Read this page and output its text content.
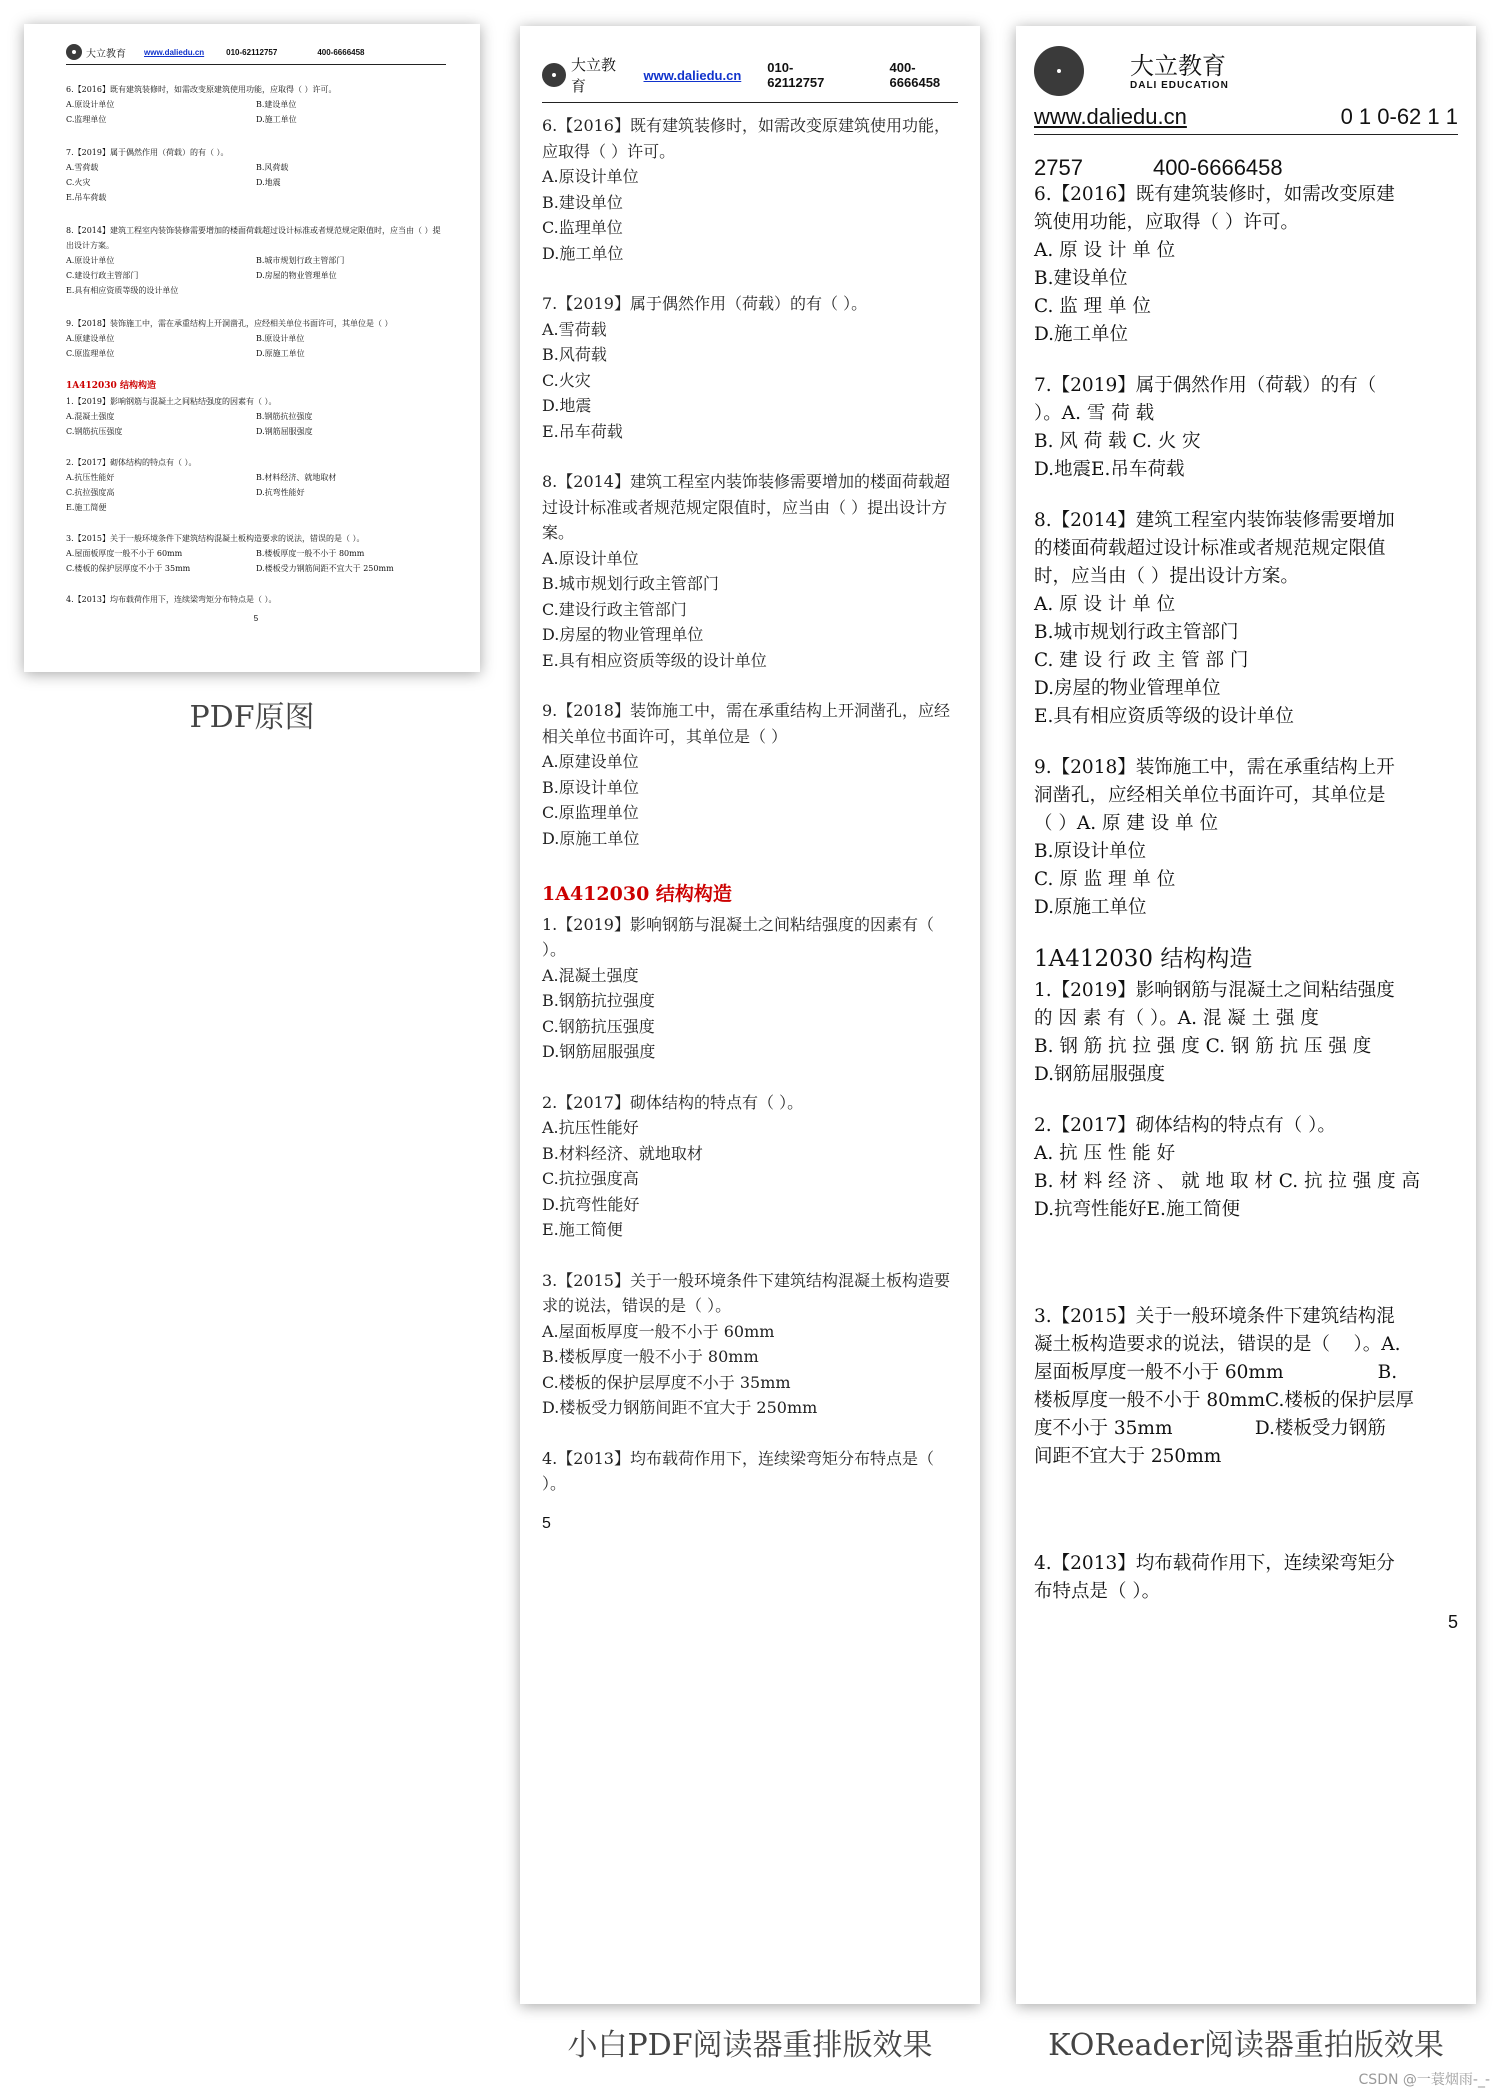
大立教育 www.daliedu.cn	010-62112757	400-6666458
6.【2016】既有建筑装修时，如需改变原建筑使用功能，应取得（ ）许可。
A.原设计单位	B.建设单位
C.监理单位	D.施工单位
7.【2019】属于偶然作用（荷载）的有（ ）。
A.雪荷载	B.风荷载
C.火灾	D.地震
E.吊车荷载
8.【2014】建筑工程室内装饰装修需要增加的楼面荷载超过设计标准或者规范规定限值时，应当由（ ）提出设计方案。
A.原设计单位	B.城市规划行政主管部门
C.建设行政主管部门	D.房屋的物业管理单位
E.具有相应资质等级的设计单位
9.【2018】装饰施工中，需在承重结构上开洞凿孔，应经相关单位书面许可，其单位是（ ）
A.原建设单位	B.原设计单位
C.原监理单位	D.原施工单位
1A412030 结构构造
1.【2019】影响钢筋与混凝土之间粘结强度的因素有（ ）。
A.混凝土强度	B.钢筋抗拉强度
C.钢筋抗压强度	D.钢筋屈服强度
2.【2017】砌体结构的特点有（ ）。
A.抗压性能好	B.材料经济、就地取材
C.抗拉强度高	D.抗弯性能好
E.施工简便
3.【2015】关于一般环境条件下建筑结构混凝土板构造要求的说法，错误的是（ ）。
A.屋面板厚度一般不小于 60mm	B.楼板厚度一般不小于 80mm
C.楼板的保护层厚度不小于 35mm	D.楼板受力钢筋间距不宜大于 250mm
4.【2013】均布载荷作用下，连续梁弯矩分布特点是（ ）。
5
PDF原图
大立教育
www.daliedu.cn 010-62112757
400-6666458

6.【2016】既有建筑装修时，如需改变原建筑使用功能，应取得（ ）许可。

A.原设计单位

B.建设单位

C.监理单位

D.施工单位

7.【2019】属于偶然作用（荷载）的有（ ）。

A.雪荷载

B.风荷载

C.火灾

D.地震

E.吊车荷载

8.【2014】建筑工程室内装饰装修需要增加的楼面荷载超过设计标准或者规范规定限值时，应当由（ ）提出设计方案。

A.原设计单位

B.城市规划行政主管部门

C.建设行政主管部门

D.房屋的物业管理单位

E.具有相应资质等级的设计单位

9.【2018】装饰施工中，需在承重结构上开洞凿孔，应经相关单位书面许可，其单位是（ ）

A.原建设单位

B.原设计单位

C.原监理单位

D.原施工单位

1A412030 结构构造

1.【2019】影响钢筋与混凝土之间粘结强度的因素有（ ）。

A.混凝土强度

B.钢筋抗拉强度

C.钢筋抗压强度

D.钢筋屈服强度

2.【2017】砌体结构的特点有（ ）。

A.抗压性能好

B.材料经济、就地取材

C.抗拉强度高

D.抗弯性能好

E.施工简便

3.【2015】关于一般环境条件下建筑结构混凝土板构造要求的说法，错误的是（ ）。

A.屋面板厚度一般不小于 60mm

B.楼板厚度一般不小于 80mm

C.楼板的保护层厚度不小于 35mm

D.楼板受力钢筋间距不宜大于 250mm

4.【2013】均布载荷作用下，连续梁弯矩分布特点是（ ）。

5
小白PDF阅读器重排版效果
大立教育
DALI EDUCATION
www.daliedu.cn	0 1 0-62 1 1
2757	400-6666458
6.【2016】既有建筑装修时，如需改变原建
筑使用功能，应取得（ ）许可。
A. 原 设 计 单 位
B.建设单位
C. 监 理 单 位
D.施工单位
7.【2019】属于偶然作用（荷载）的有（
）。A. 雪 荷 载
B. 风 荷 载 C. 火 灾
D.地震E.吊车荷载
8.【2014】建筑工程室内装饰装修需要增加
的楼面荷载超过设计标准或者规范规定限值
时，应当由（ ）提出设计方案。
A. 原 设 计 单 位
B.城市规划行政主管部门
C. 建 设 行 政 主 管 部 门
D.房屋的物业管理单位
E.具有相应资质等级的设计单位
9.【2018】装饰施工中，需在承重结构上开
洞凿孔，应经相关单位书面许可，其单位是
（ ）A. 原 建 设 单 位
B.原设计单位
C. 原 监 理 单 位
D.原施工单位
1A412030 结构构造
1.【2019】影响钢筋与混凝土之间粘结强度
的 因 素 有（ ）。A. 混 凝 土 强 度
B. 钢 筋 抗 拉 强 度 C. 钢 筋 抗 压 强 度
D.钢筋屈服强度
2.【2017】砌体结构的特点有（ ）。
A. 抗 压 性 能 好
B. 材 料 经 济 、 就 地 取 材 C. 抗 拉 强 度 高
D.抗弯性能好E.施工简便

3.【2015】关于一般环境条件下建筑结构混
凝土板构造要求的说法，错误的是（    ）。A.
屋面板厚度一般不小于 60mm                B.
楼板厚度一般不小于 80mmC.楼板的保护层厚
度不小于 35mm              D.楼板受力钢筋
间距不宜大于 250mm

4.【2013】均布载荷作用下，连续梁弯矩分
布特点是（ ）。
5
KOReader阅读器重拍版效果
CSDN @一蓑烟雨-_-
